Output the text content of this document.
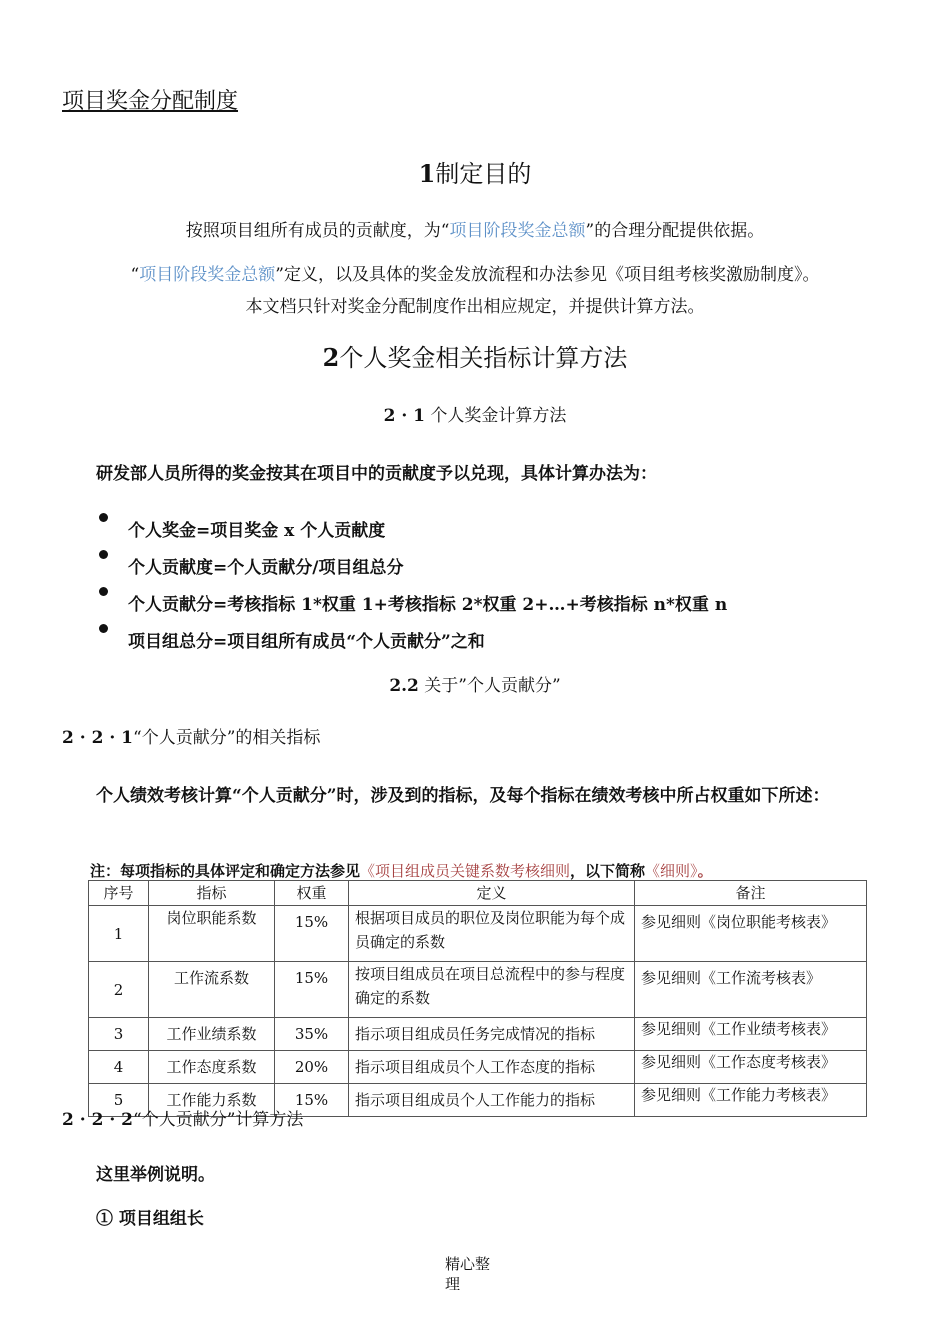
项目奖金分配制度
1制定目的
按照项目组所有成员的贡献度，为“项目阶段奖金总额”的合理分配提供依据。
“项目阶段奖金总额”定义，以及具体的奖金发放流程和办法参见《项目组考核奖激励制度》。
本文档只针对奖金分配制度作出相应规定，并提供计算方法。
2个人奖金相关指标计算方法
2 · 1 个人奖金计算方法
研发部人员所得的奖金按其在项目中的贡献度予以兑现，具体计算办法为：
个人奖金=项目奖金 x 个人贡献度
个人贡献度=个人贡献分/项目组总分
个人贡献分=考核指标 1*权重 1+考核指标 2*权重 2+…+考核指标 n*权重 n
项目组总分=项目组所有成员“个人贡献分”之和
2.2 关于”个人贡献分”
2 · 2 · 1“个人贡献分”的相关指标
个人绩效考核计算“个人贡献分”时，涉及到的指标，及每个指标在绩效考核中所占权重如下所述：
注：每项指标的具体评定和确定方法参见《项目组成员关键系数考核细则，以下简称《细则》。
序号	指标	权重	定义	备注
1	岗位职能系数	15%	根据项目成员的职位及岗位职能为每个成员确定的系数	参见细则《岗位职能考核表》
2	工作流系数	15%	按项目组成员在项目总流程中的参与程度确定的系数	参见细则《工作流考核表》
3	工作业绩系数	35%	指示项目组成员任务完成情况的指标	参见细则《工作业绩考核表》

4	工作态度系数	20%	指示项目组成员个人工作态度的指标	参见细则《工作态度考核表》

5	工作能力系数	15%	指示项目组成员个人工作能力的指标	参见细则《工作能力考核表》
2 · 2 · 2“个人贡献分”计算方法
这里举例说明。
① 项目组组长
精心整
理
